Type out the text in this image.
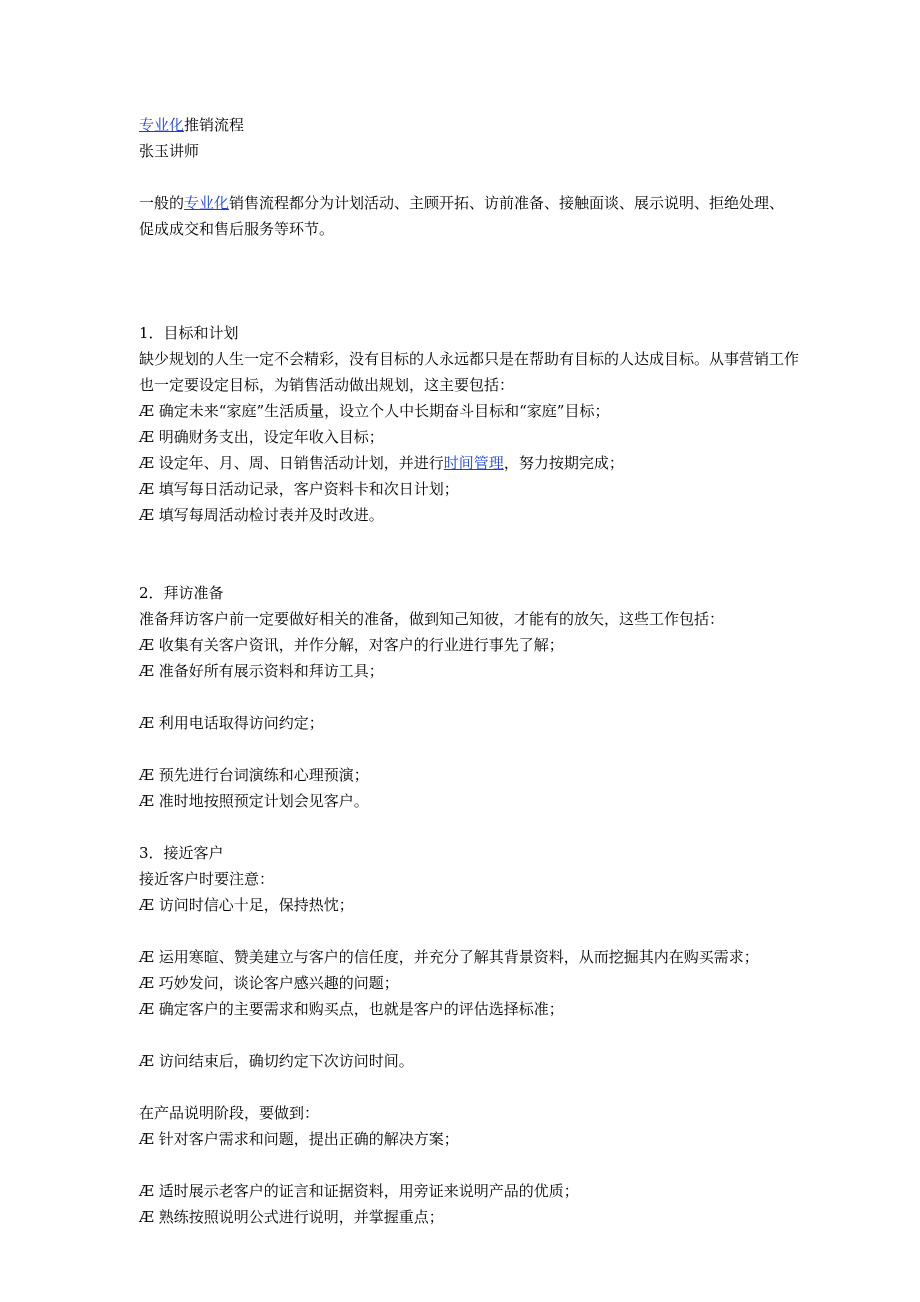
专业化推销流程
张玉讲师
一般的专业化销售流程都分为计划活动、主顾开拓、访前准备、接触面谈、展示说明、拒绝处理、促成成交和售后服务等环节。
1．目标和计划
缺少规划的人生一定不会精彩，没有目标的人永远都只是在帮助有目标的人达成目标。从事营销工作也一定要设定目标，为销售活动做出规划，这主要包括：
Æ 确定未来“家庭”生活质量，设立个人中长期奋斗目标和“家庭”目标；
Æ 明确财务支出，设定年收入目标；
Æ 设定年、月、周、日销售活动计划，并进行时间管理，努力按期完成；
Æ 填写每日活动记录，客户资料卡和次日计划；
Æ 填写每周活动检讨表并及时改进。
2．拜访准备
准备拜访客户前一定要做好相关的准备，做到知己知彼，才能有的放矢，这些工作包括：
Æ 收集有关客户资讯，并作分解，对客户的行业进行事先了解；
Æ 准备好所有展示资料和拜访工具；
Æ 利用电话取得访问约定；
Æ 预先进行台词演练和心理预演；
Æ 准时地按照预定计划会见客户。
3．接近客户
接近客户时要注意：
Æ 访问时信心十足，保持热忱；
Æ 运用寒暄、赞美建立与客户的信任度，并充分了解其背景资料，从而挖掘其内在购买需求；
Æ 巧妙发问，谈论客户感兴趣的问题；
Æ 确定客户的主要需求和购买点，也就是客户的评估选择标准；
Æ 访问结束后，确切约定下次访问时间。
在产品说明阶段，要做到：
Æ 针对客户需求和问题，提出正确的解决方案；
Æ 适时展示老客户的证言和证据资料，用旁证来说明产品的优质；
Æ 熟练按照说明公式进行说明，并掌握重点；
